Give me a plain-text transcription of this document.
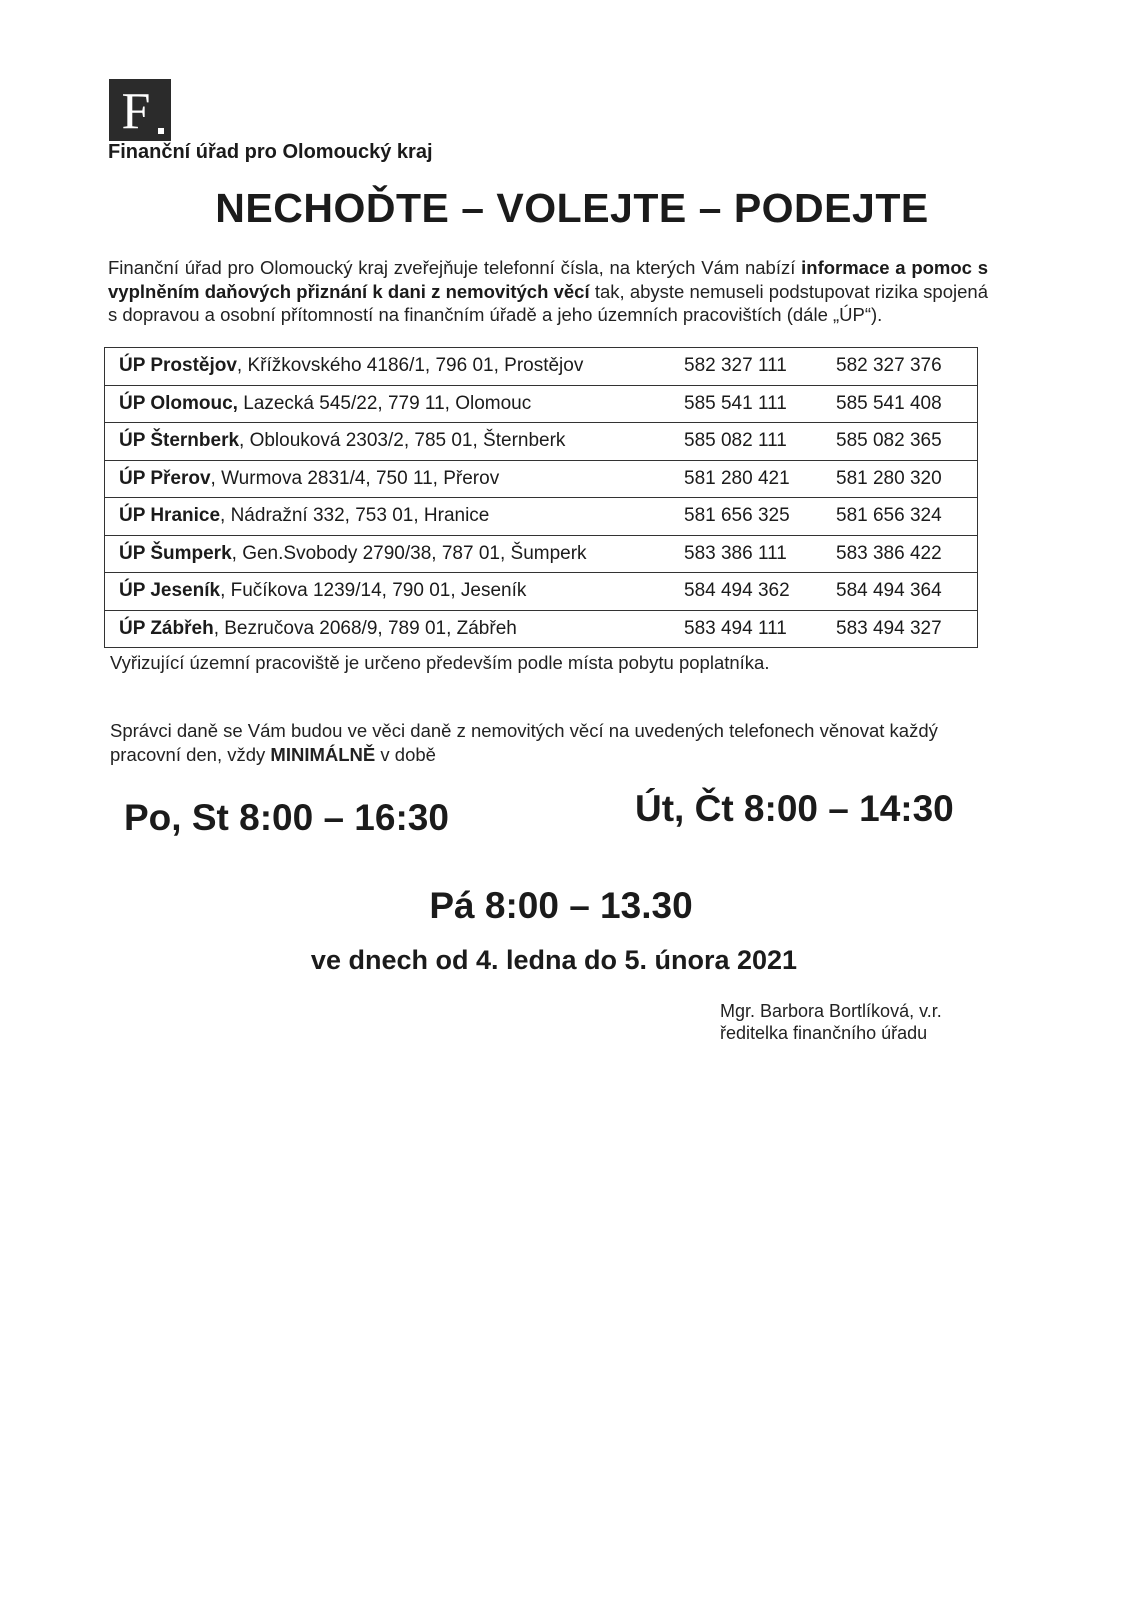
F
Finanční úřad pro Olomoucký kraj
NECHOĎTE – VOLEJTE – PODEJTE
Finanční úřad pro Olomoucký kraj zveřejňuje telefonní čísla, na kterých Vám nabízí informace a pomoc s vyplněním daňových přiznání k dani z nemovitých věcí tak, abyste nemuseli podstupovat rizika spojená s dopravou a osobní přítomností na finančním úřadě a jeho územních pracovištích (dále „ÚP“).
ÚP Prostějov, Křížkovského 4186/1, 796 01, Prostějov	582 327 111	582 327 376
ÚP Olomouc, Lazecká 545/22, 779 11, Olomouc	585 541 111	585 541 408
ÚP Šternberk, Oblouková 2303/2, 785 01, Šternberk	585 082 111	585 082 365
ÚP Přerov, Wurmova 2831/4, 750 11, Přerov	581 280 421	581 280 320
ÚP Hranice, Nádražní 332, 753 01, Hranice	581 656 325	581 656 324
ÚP Šumperk, Gen.Svobody 2790/38, 787 01, Šumperk	583 386 111	583 386 422
ÚP Jeseník, Fučíkova 1239/14, 790 01, Jeseník	584 494 362	584 494 364
ÚP Zábřeh, Bezručova 2068/9, 789 01, Zábřeh	583 494 111	583 494 327
Vyřizující územní pracoviště je určeno především podle místa pobytu poplatníka.
Správci daně se Vám budou ve věci daně z nemovitých věcí na uvedených telefonech věnovat každý pracovní den, vždy MINIMÁLNĚ v době
Po, St 8:00 – 16:30	Út, Čt 8:00 – 14:30
Pá 8:00 – 13.30
ve dnech od 4. ledna do 5. února 2021
Mgr. Barbora Bortlíková, v.r.
ředitelka finančního úřadu
